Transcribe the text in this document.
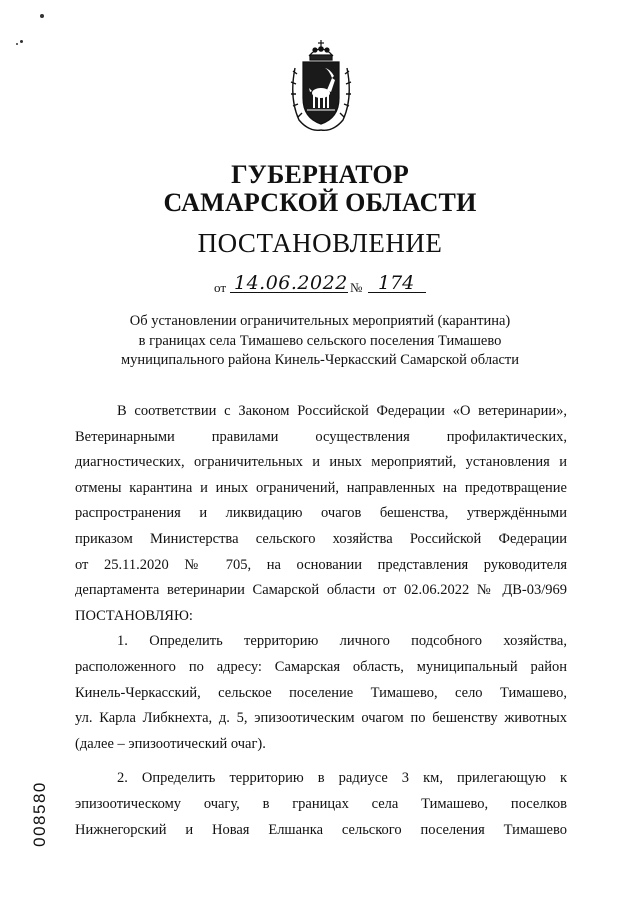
ГУБЕРНАТОР
САМАРСКОЙ ОБЛАСТИ
ПОСТАНОВЛЕНИЕ
от 14.06.2022 № 174
Об установлении ограничительных мероприятий (карантина)
в границах села Тимашево сельского поселения Тимашево
муниципального района Кинель-Черкасский Самарской области

В соответствии с Законом Российской Федерации «О ветеринарии»,
Ветеринарными правилами осуществления профилактических,
диагностических, ограничительных и иных мероприятий, установления и
отмены карантина и иных ограничений, направленных на предотвращение
распространения и ликвидацию очагов бешенства, утверждёнными
приказом Министерства сельского хозяйства Российской Федерации
от 25.11.2020 № 705, на основании представления руководителя
департамента ветеринарии Самарской области от 02.06.2022 № ДВ-03/969
ПОСТАНОВЛЯЮ:

1. Определить территорию личного подсобного хозяйства,
расположенного по адресу: Самарская область, муниципальный район
Кинель-Черкасский, сельское поселение Тимашево, село Тимашево,
ул. Карла Либкнехта, д. 5, эпизоотическим очагом по бешенству животных
(далее – эпизоотический очаг).

2. Определить территорию в радиусе 3 км, прилегающую к
эпизоотическому очагу, в границах села Тимашево, поселков
Нижнегорский и Новая Елшанка сельского поселения Тимашево

008580
